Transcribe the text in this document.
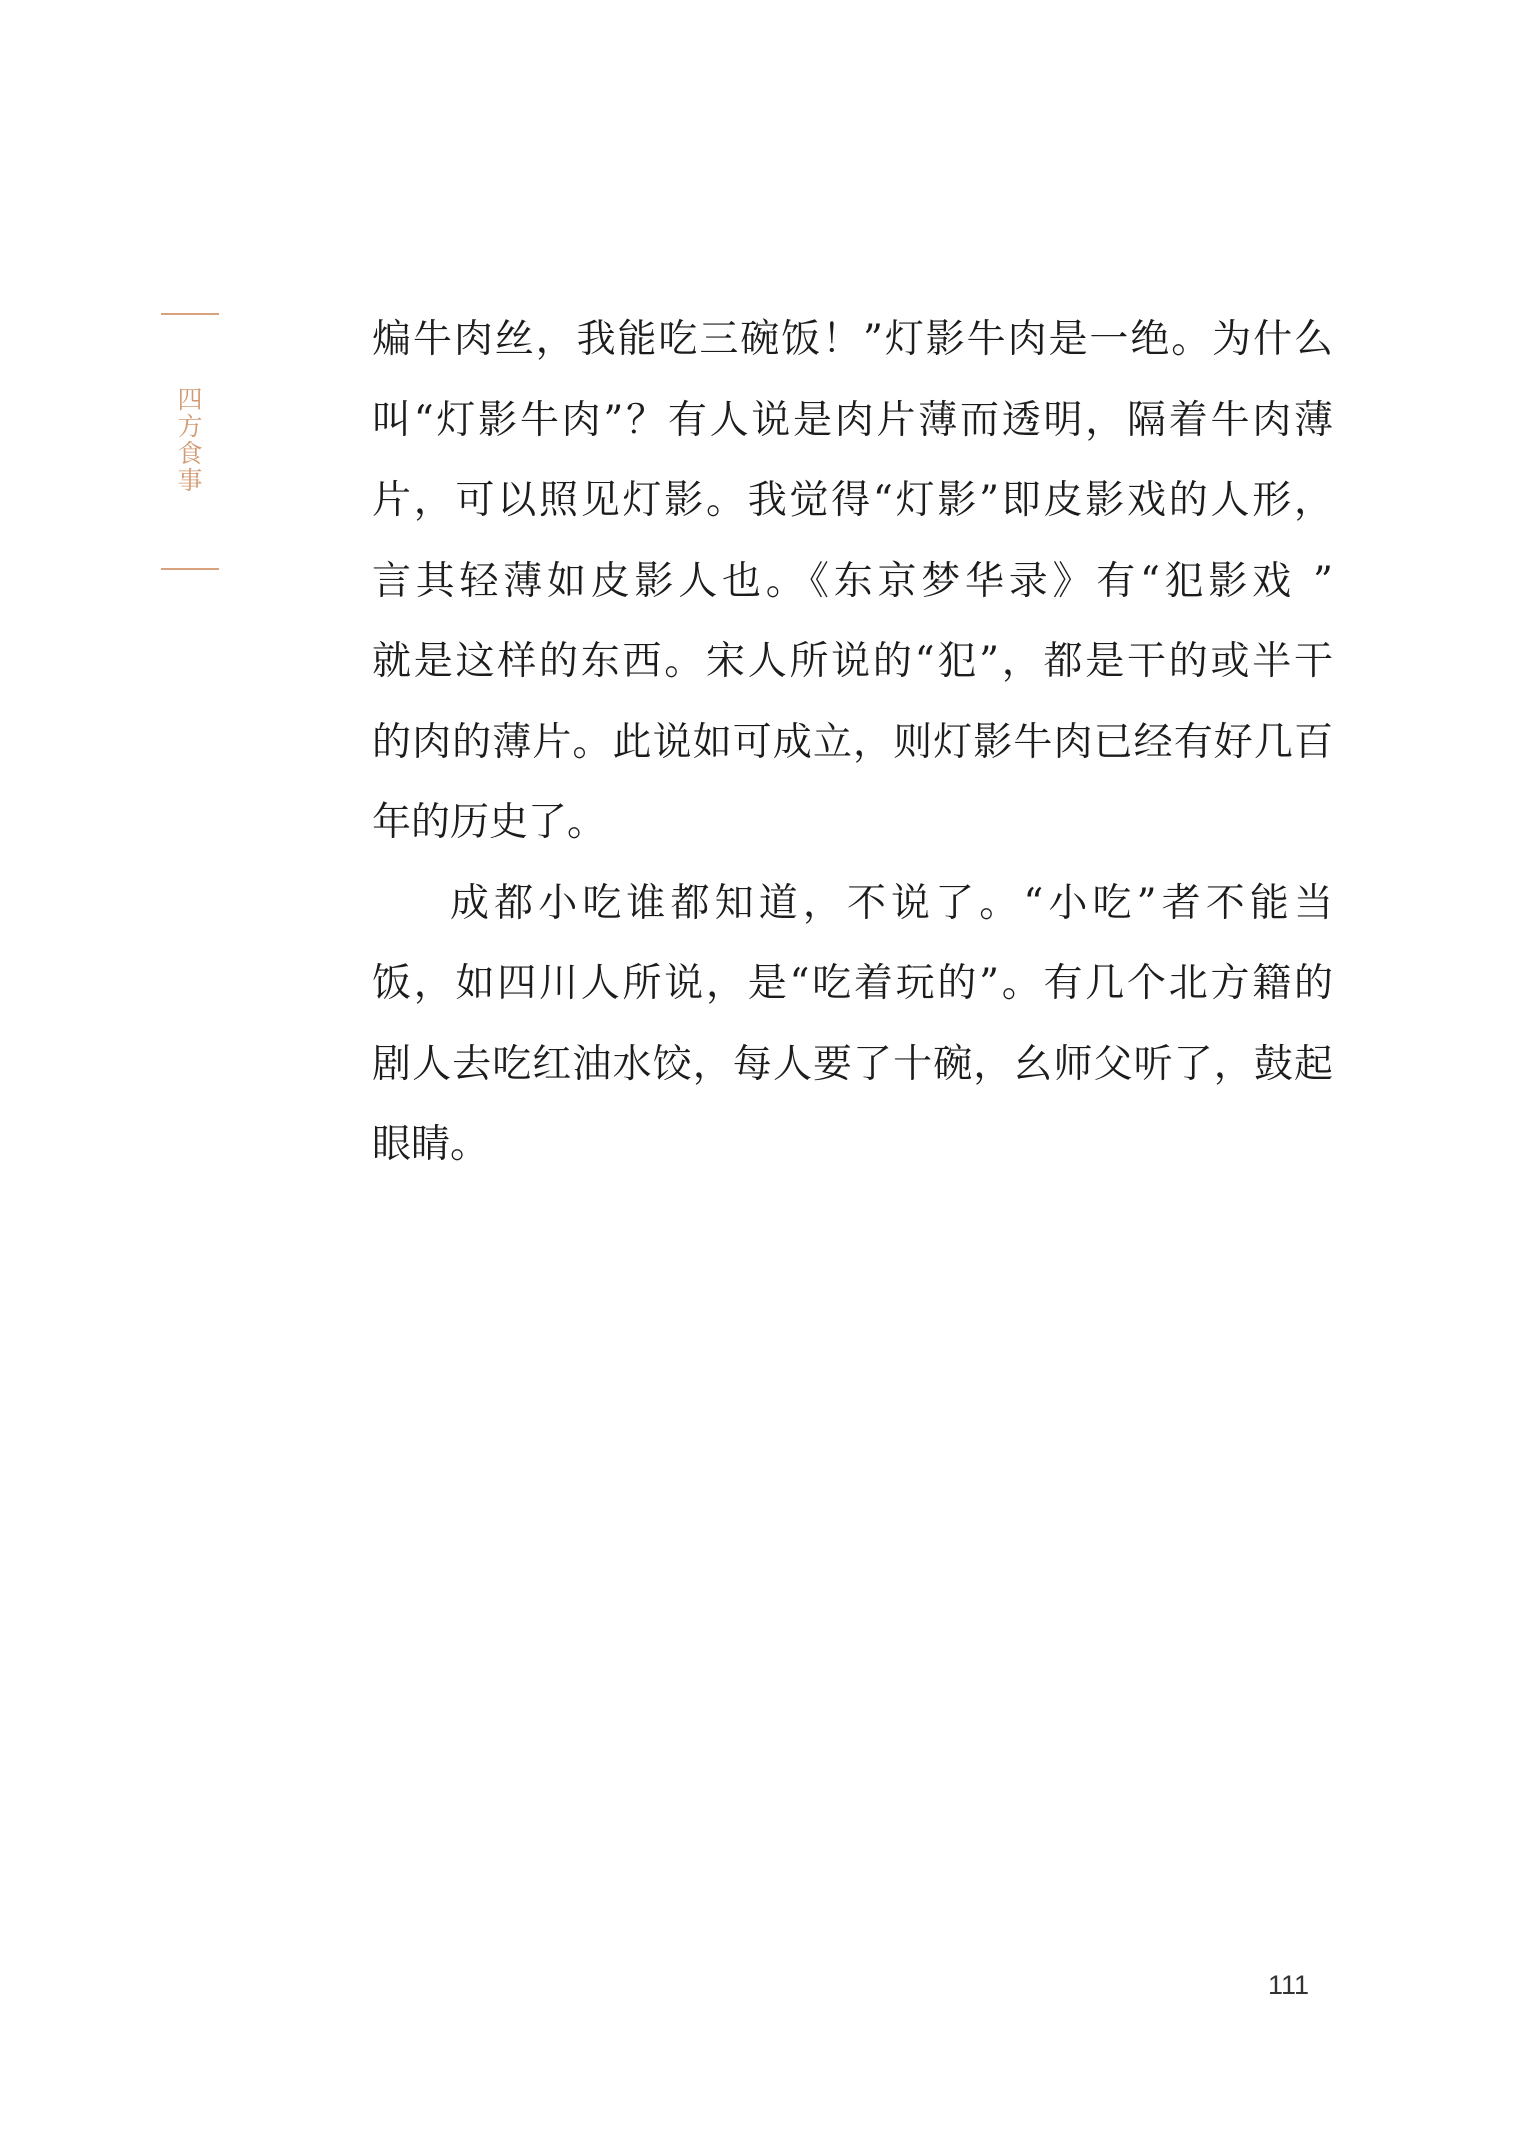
四
方
食
事

煸牛肉丝，我能吃三碗饭！”灯影牛肉是一绝。为什么
叫“灯影牛肉”？有人说是肉片薄而透明，隔着牛肉薄
片，可以照见灯影。我觉得“灯影”即皮影戏的人形，
言其轻薄如皮影人也。《东京梦华录》有“犯影戏 ”
就是这样的东西。宋人所说的“犯”，都是干的或半干
的肉的薄片。此说如可成立，则灯影牛肉已经有好几百
年的历史了。

成都小吃谁都知道，不说了。“小吃”者不能当
饭，如四川人所说，是“吃着玩的”。有几个北方籍的
剧人去吃红油水饺，每人要了十碗，幺师父听了，鼓起
眼睛。

111
